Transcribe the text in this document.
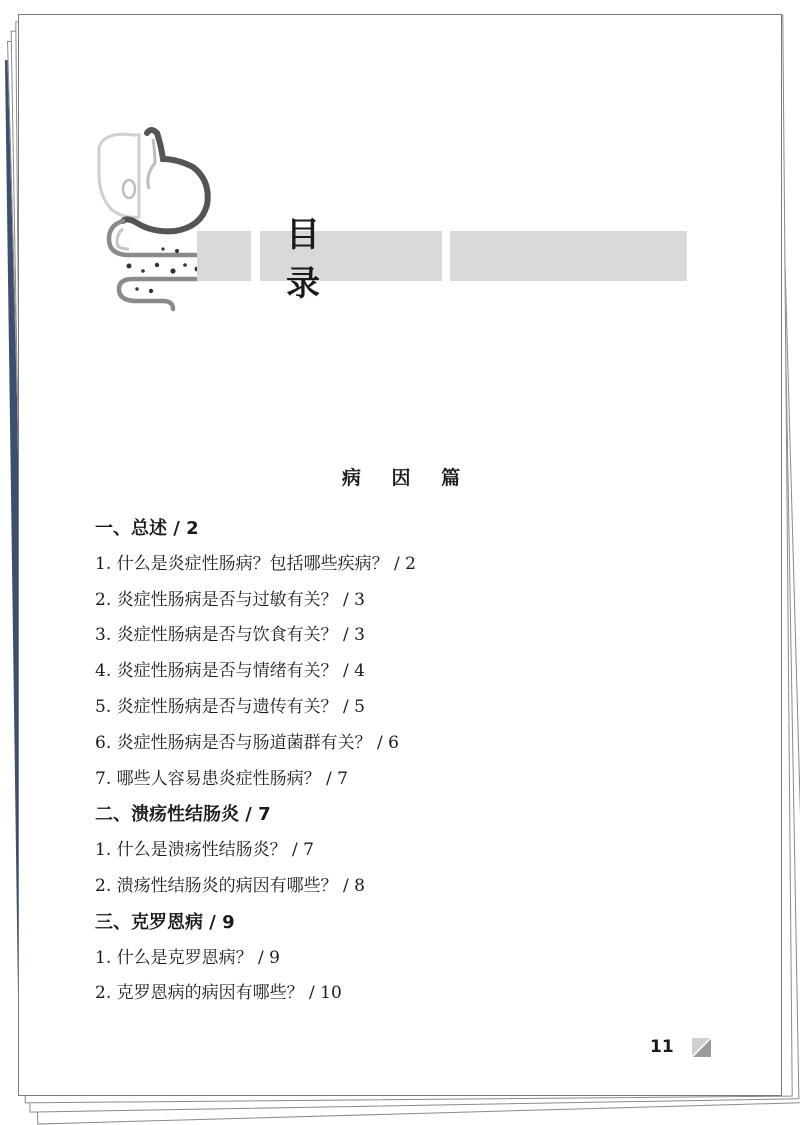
目 录
病 因 篇
一、总述 / 2
1. 什么是炎症性肠病？包括哪些疾病？ / 2
2. 炎症性肠病是否与过敏有关？ / 3
3. 炎症性肠病是否与饮食有关？ / 3
4. 炎症性肠病是否与情绪有关？ / 4
5. 炎症性肠病是否与遗传有关？ / 5
6. 炎症性肠病是否与肠道菌群有关？ / 6
7. 哪些人容易患炎症性肠病？ / 7
二、溃疡性结肠炎 / 7
1. 什么是溃疡性结肠炎？ / 7
2. 溃疡性结肠炎的病因有哪些？ / 8
三、克罗恩病 / 9
1. 什么是克罗恩病？ / 9
2. 克罗恩病的病因有哪些？ / 10
11
